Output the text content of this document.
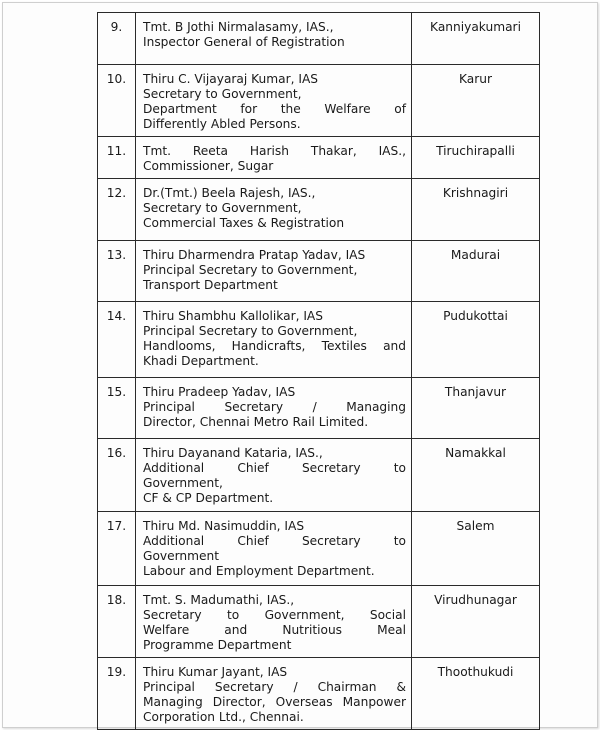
9.	Tmt. B Jothi Nirmalasamy, IAS.,
Inspector General of Registration	Kanniyakumari
10.	Thiru C. Vijayaraj Kumar, IAS
Secretary to Government,
Department for the Welfare of
Differently Abled Persons.	Karur
11.	Tmt. Reeta Harish Thakar, IAS.,
Commissioner, Sugar	Tiruchirapalli
12.	Dr.(Tmt.) Beela Rajesh, IAS.,
Secretary to Government,
Commercial Taxes & Registration	Krishnagiri
13.	Thiru Dharmendra Pratap Yadav, IAS
Principal Secretary to Government,
Transport Department	Madurai
14.	Thiru Shambhu Kallolikar, IAS
Principal Secretary to Government,
Handlooms, Handicrafts, Textiles and
Khadi Department.	Pudukottai
15.	Thiru Pradeep Yadav, IAS
Principal Secretary / Managing
Director, Chennai Metro Rail Limited.	Thanjavur
16.	Thiru Dayanand Kataria, IAS.,
Additional Chief Secretary to
Government,
CF & CP Department.	Namakkal
17.	Thiru Md. Nasimuddin, IAS
Additional Chief Secretary to
Government
Labour and Employment Department.	Salem
18.	Tmt. S. Madumathi, IAS.,
Secretary to Government, Social
Welfare and Nutritious Meal
Programme Department	Virudhunagar
19.	Thiru Kumar Jayant, IAS
Principal Secretary / Chairman &
Managing Director, Overseas Manpower
Corporation Ltd., Chennai.	Thoothukudi
